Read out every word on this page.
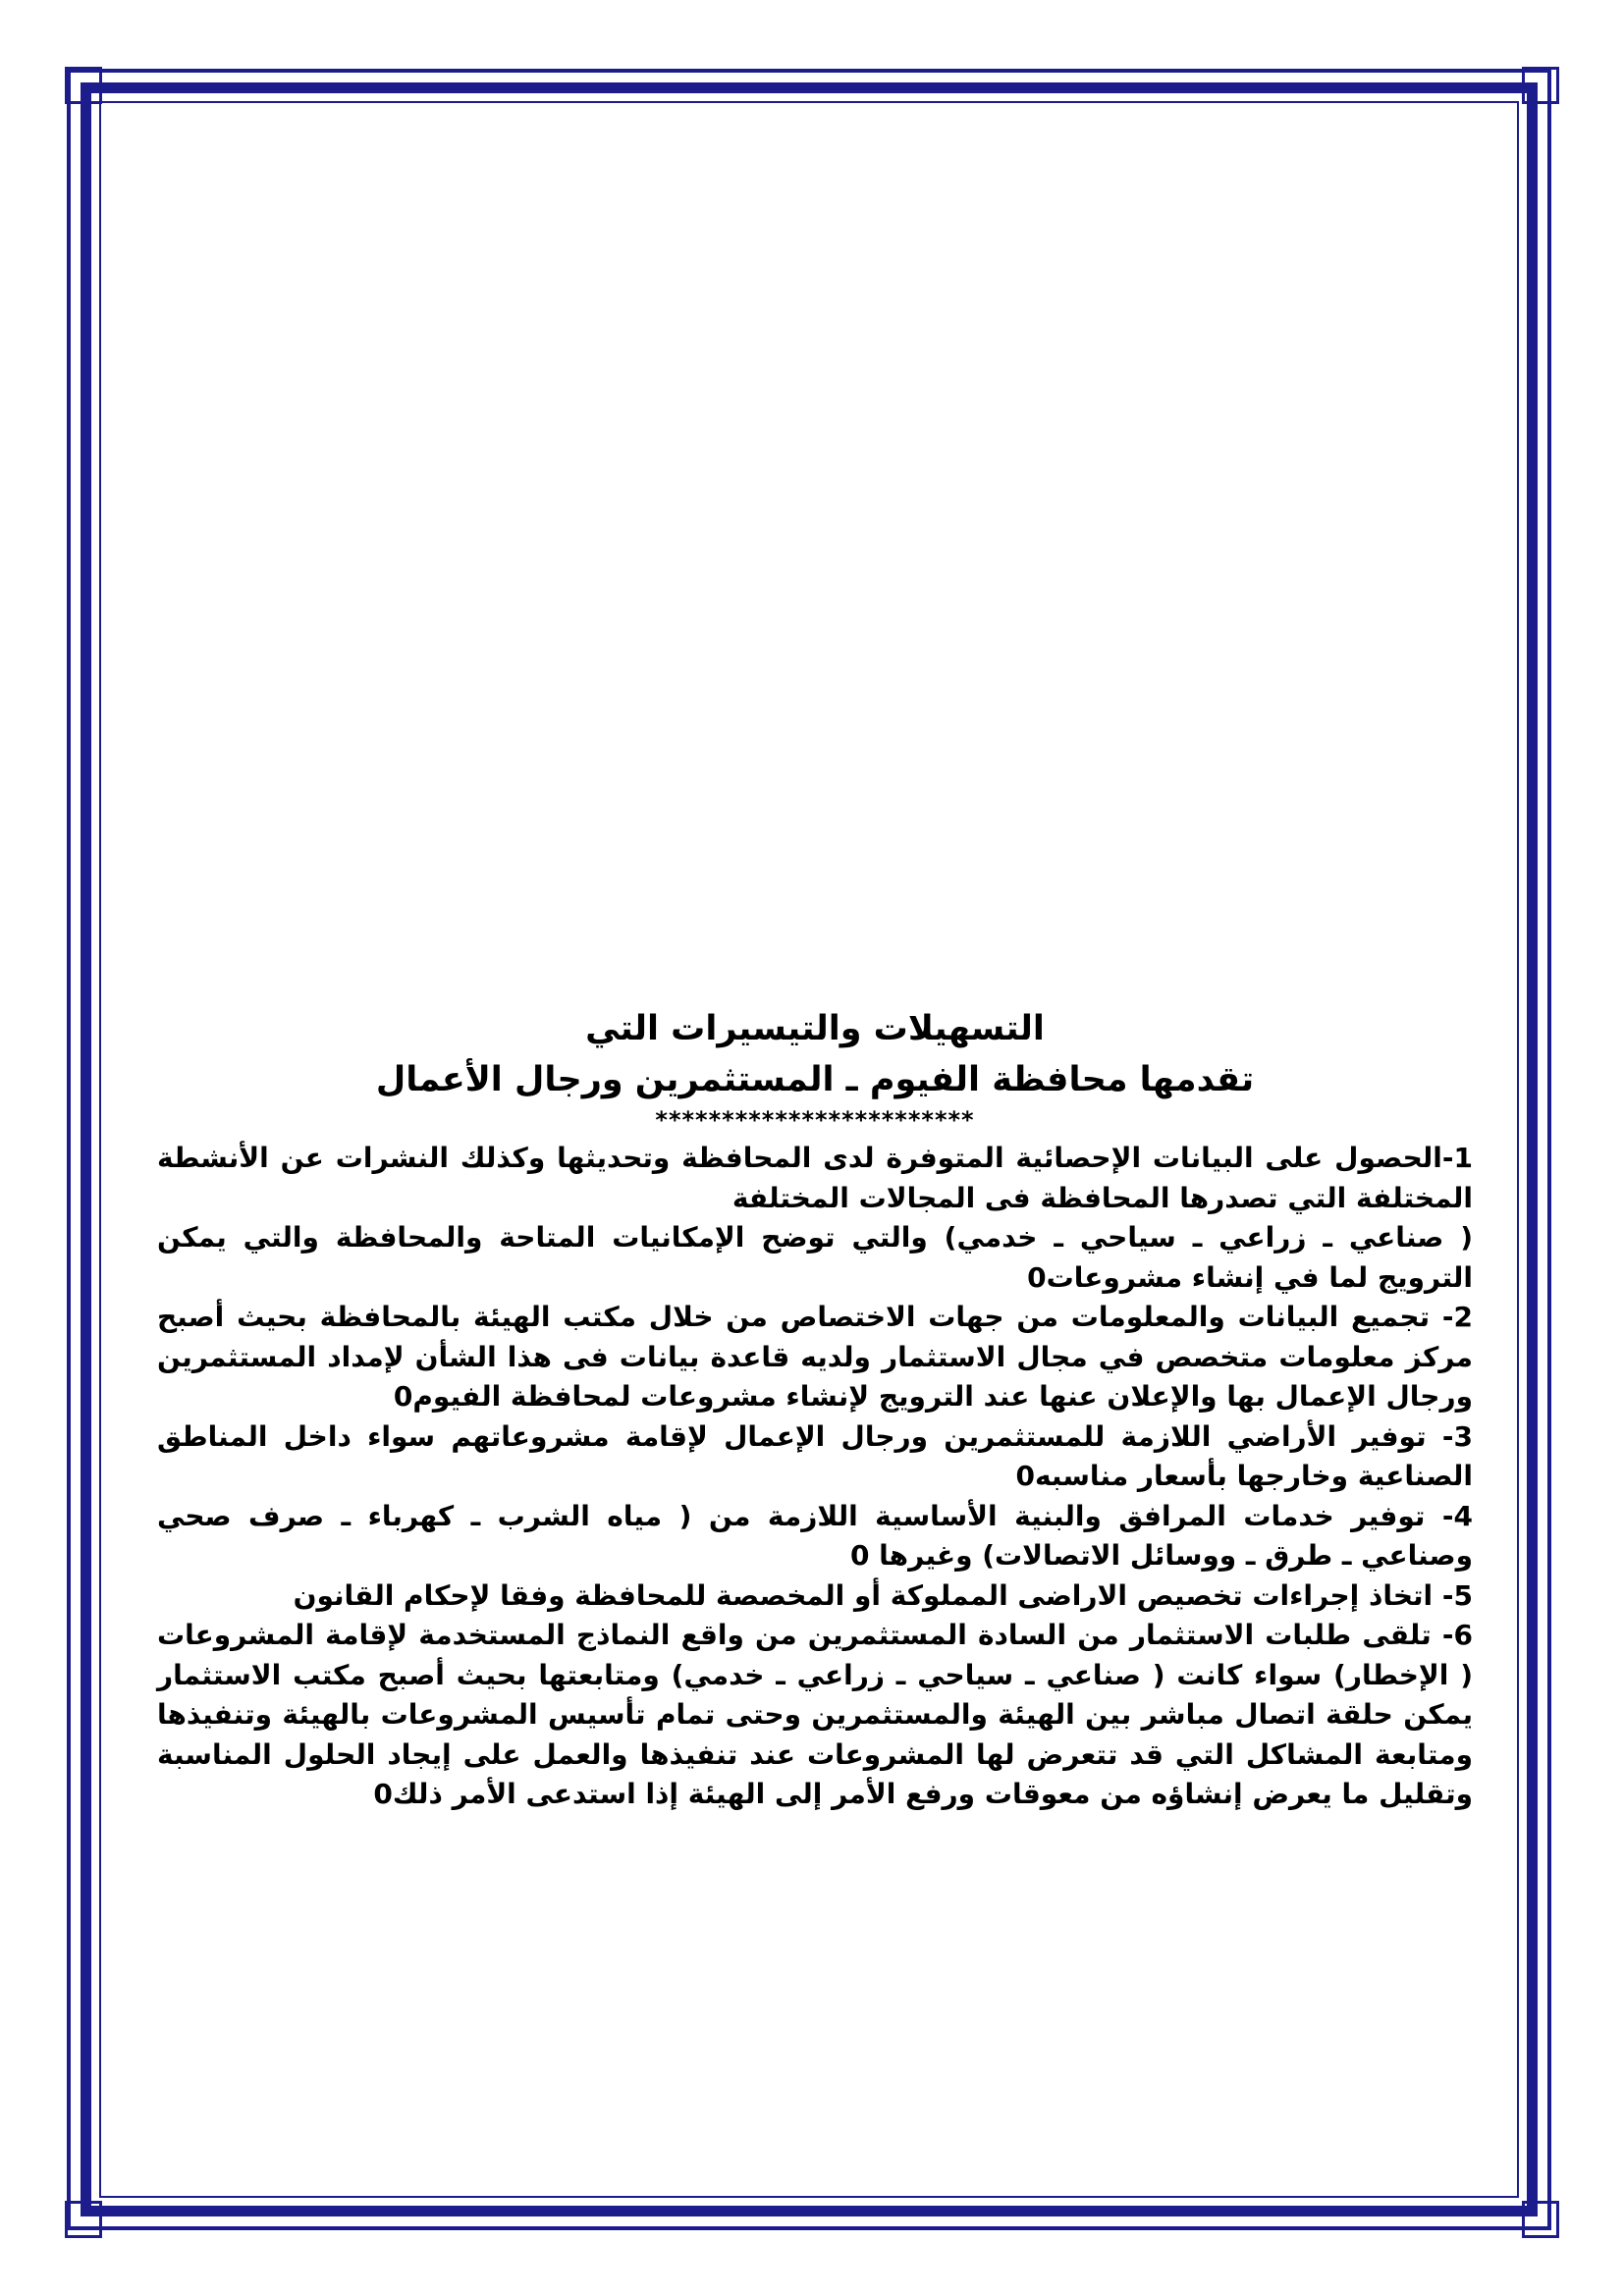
التسهيلات والتيسيرات التي

تقدمها محافظة الفيوم ـ المستثمرين ورجال الأعمال

************************

1-الحصول على البيانات الإحصائية المتوفرة لدى المحافظة وتحديثها وكذلك النشرات عن الأنشطة المختلفة التي تصدرها المحافظة فى المجالات المختلفة

( صناعي ـ زراعي ـ سياحي ـ خدمي) والتي توضح الإمكانيات المتاحة والمحافظة والتي يمكن الترويج لما في إنشاء مشروعات0

2- تجميع البيانات والمعلومات من جهات الاختصاص من خلال مكتب الهيئة بالمحافظة بحيث أصبح مركز معلومات متخصص في مجال الاستثمار ولديه قاعدة بيانات فى هذا الشأن لإمداد المستثمرين ورجال الإعمال بها والإعلان عنها عند الترويج لإنشاء مشروعات لمحافظة الفيوم0

3- توفير الأراضي اللازمة للمستثمرين ورجال الإعمال لإقامة مشروعاتهم سواء داخل المناطق الصناعية وخارجها بأسعار مناسبه0

4- توفير خدمات المرافق والبنية الأساسية اللازمة من ( مياه الشرب ـ كهرباء ـ صرف صحي وصناعي ـ طرق ـ ووسائل الاتصالات) وغيرها 0

5- اتخاذ إجراءات تخصيص الاراضى المملوكة أو المخصصة للمحافظة وفقا لإحكام القانون

6- تلقى طلبات الاستثمار من السادة المستثمرين من واقع النماذج المستخدمة لإقامة المشروعات ( الإخطار) سواء كانت ( صناعي ـ سياحي ـ زراعي ـ خدمي) ومتابعتها بحيث أصبح مكتب الاستثمار يمكن حلقة اتصال مباشر بين الهيئة والمستثمرين وحتى تمام تأسيس المشروعات بالهيئة وتنفيذها ومتابعة المشاكل التي قد تتعرض لها المشروعات عند تنفيذها والعمل على إيجاد الحلول المناسبة وتقليل ما يعرض إنشاؤه من معوقات ورفع الأمر إلى الهيئة إذا استدعى الأمر ذلك0
